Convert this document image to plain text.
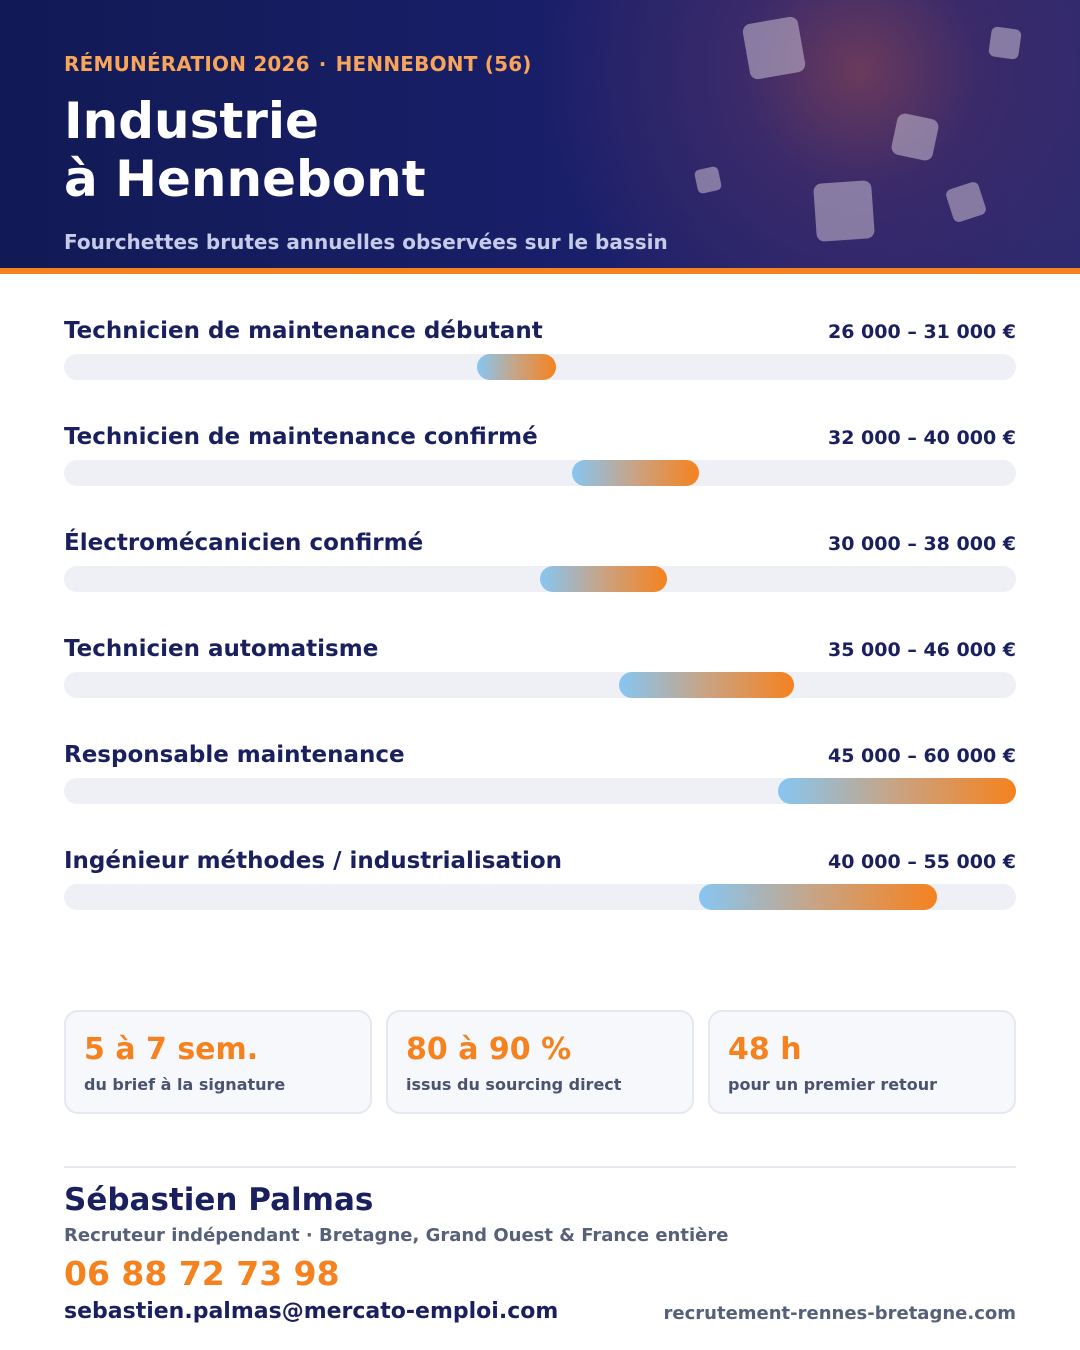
RÉMUNÉRATION 2026 · HENNEBONT (56)
Industrie
à Hennebont
Fourchettes brutes annuelles observées sur le bassin
Technicien de maintenance débutant	26 000 – 31 000 €
Technicien de maintenance confirmé	32 000 – 40 000 €
Électromécanicien confirmé	30 000 – 38 000 €
Technicien automatisme	35 000 – 46 000 €
Responsable maintenance	45 000 – 60 000 €
Ingénieur méthodes / industrialisation	40 000 – 55 000 €
5 à 7 sem.
du brief à la signature
80 à 90 %
issus du sourcing direct
48 h
pour un premier retour
Sébastien Palmas
Recruteur indépendant · Bretagne, Grand Ouest & France entière
06 88 72 73 98
sebastien.palmas@mercato-emploi.com	recrutement-rennes-bretagne.com
